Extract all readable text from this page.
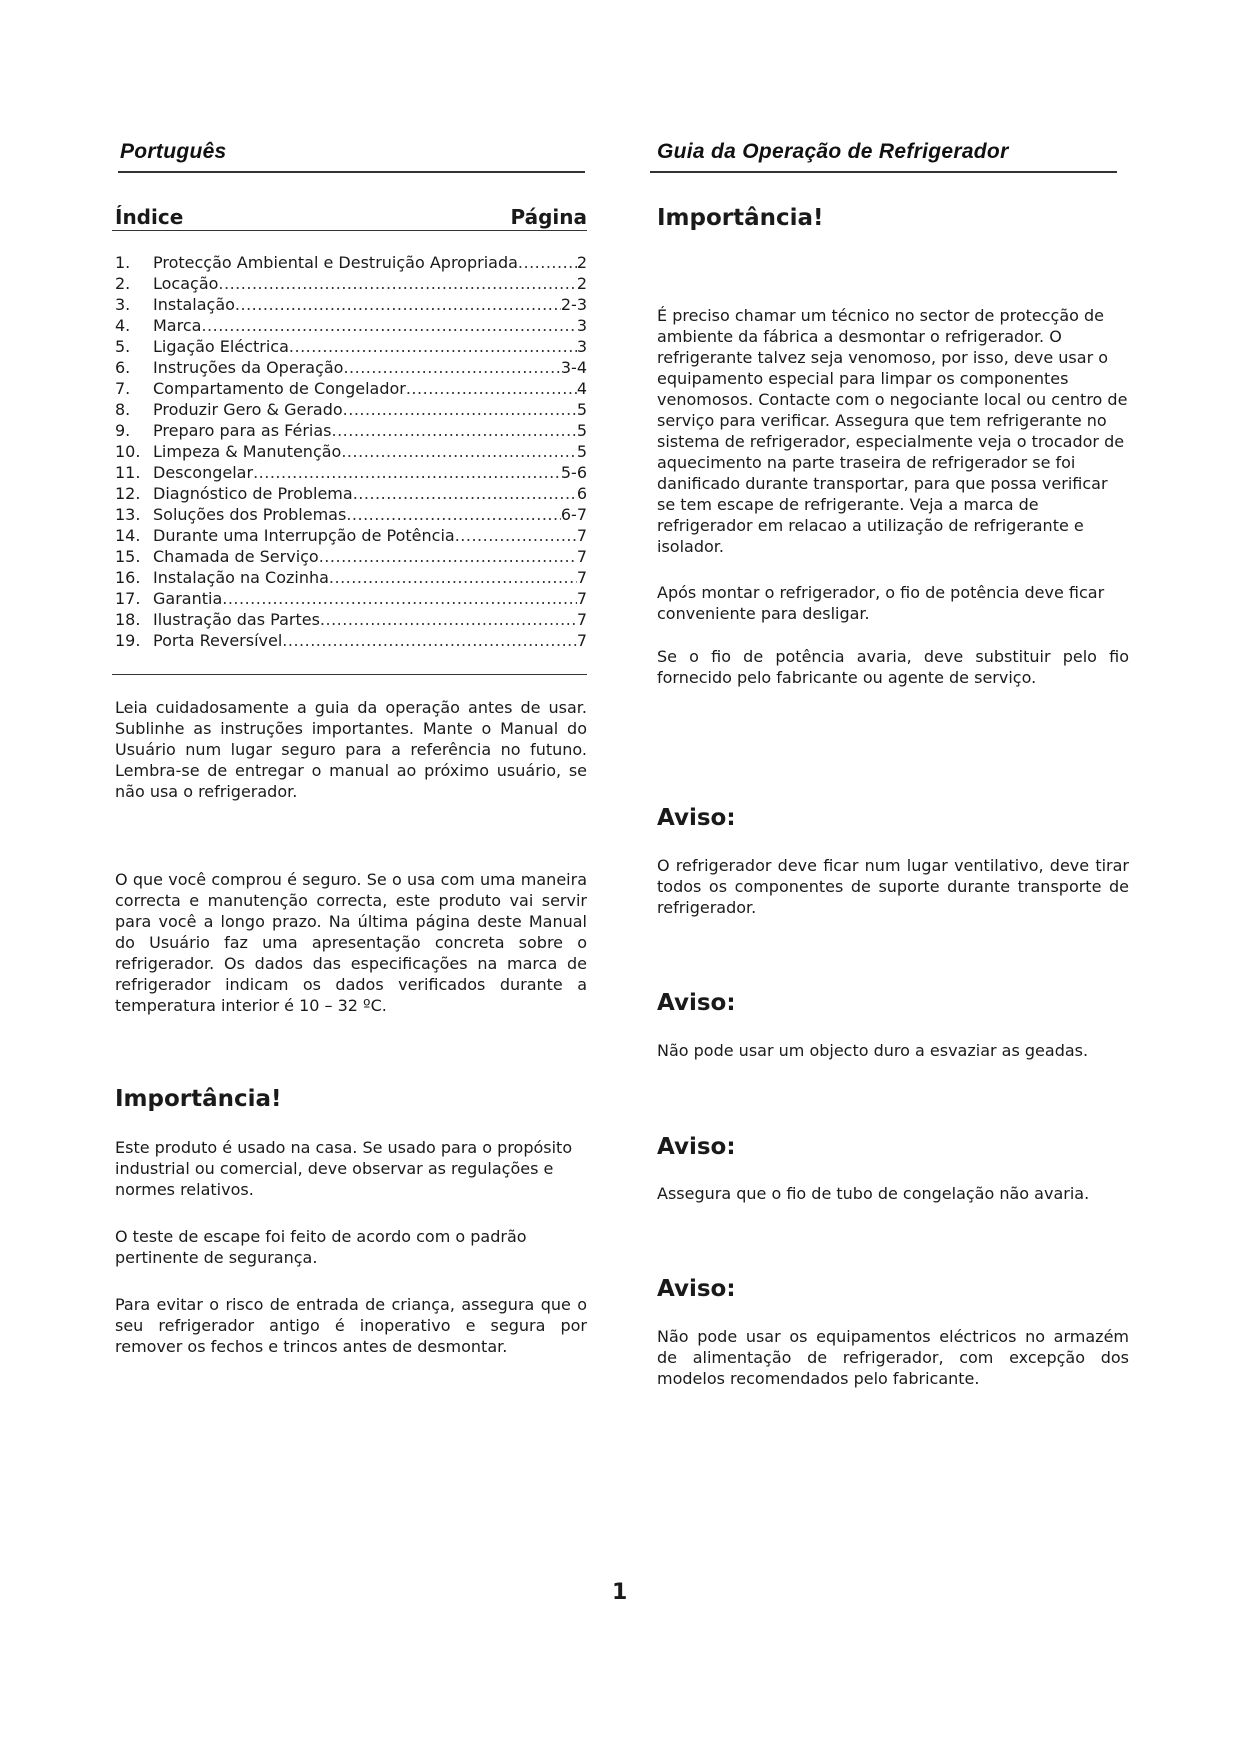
Português	Guia da Operação de Refrigerador
Índice	Página
1.	Protecção Ambiental e Destruição Apropriada .....	2
2.	Locação .....	2
3.	Instalação .....	2-3
4.	Marca .....	3
5.	Ligação Eléctrica .....	3
6.	Instruções da Operação .....	3-4
7.	Compartamento de Congelador .....	4
8.	Produzir Gero & Gerado .....	5
9.	Preparo para as Férias .....	5
10. Limpeza & Manutenção .....	5
11. Descongelar .....	5-6
12. Diagnóstico de Problema .....	6
13. Soluções dos Problemas .....	6-7
14. Durante uma Interrupção de Potência .....	7
15. Chamada de Serviço .....	7
16. Instalação na Cozinha .....	7
17. Garantia .....	7
18. Ilustração das Partes .....	7
19. Porta Reversível .....	7

Leia cuidadosamente a guia da operação antes de usar. Sublinhe as instruções importantes. Mante o Manual do Usuário num lugar seguro para a referência no futuno. Lembra-se de entregar o manual ao próximo usuário, se não usa o refrigerador.

O que você comprou é seguro. Se o usa com uma maneira correcta e manutenção correcta, este produto vai servir para você a longo prazo. Na última página deste Manual do Usuário faz uma apresentação concreta sobre o refrigerador. Os dados das especificações na marca de refrigerador indicam os dados verificados durante a temperatura interior é 10 – 32 ºC.

Importância!

Este produto é usado na casa. Se usado para o propósito industrial ou comercial, deve observar as regulações e normes relativos.

O teste de escape foi feito de acordo com o padrão pertinente de segurança.

Para evitar o risco de entrada de criança, assegura que o seu refrigerador antigo é inoperativo e segura por remover os fechos e trincos antes de desmontar.

Importância!

É preciso chamar um técnico no sector de protecção de ambiente da fábrica a desmontar o refrigerador. O refrigerante talvez seja venomoso, por isso, deve usar o equipamento especial para limpar os componentes venomosos. Contacte com o negociante local ou centro de serviço para verificar. Assegura que tem refrigerante no sistema de refrigerador, especialmente veja o trocador de aquecimento na parte traseira de refrigerador se foi danificado durante transportar, para que possa verificar se tem escape de refrigerante. Veja a marca de refrigerador em relacao a utilização de refrigerante e isolador.

Após montar o refrigerador, o fio de potência deve ficar conveniente para desligar.

Se o fio de potência avaria, deve substituir pelo fio fornecido pelo fabricante ou agente de serviço.

Aviso:

O refrigerador deve ficar num lugar ventilativo, deve tirar todos os componentes de suporte durante transporte de refrigerador.

Aviso:

Não pode usar um objecto duro a esvaziar as geadas.

Aviso:

Assegura que o fio de tubo de congelação não avaria.

Aviso:

Não pode usar os equipamentos eléctricos no armazém de alimentação de refrigerador, com excepção dos modelos recomendados pelo fabricante.

1
